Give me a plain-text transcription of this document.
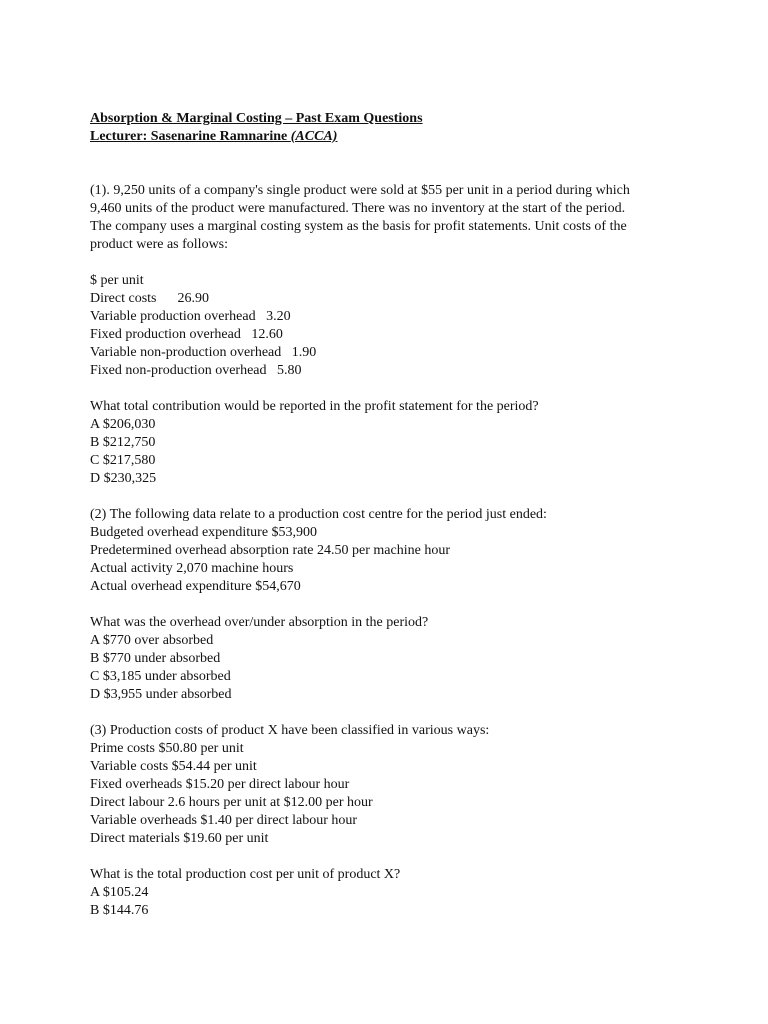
Absorption & Marginal Costing – Past Exam Questions
Lecturer: Sasenarine Ramnarine (ACCA)
(1). 9,250 units of a company's single product were sold at $55 per unit in a period during which
9,460 units of the product were manufactured. There was no inventory at the start of the period.
The company uses a marginal costing system as the basis for profit statements. Unit costs of the
product were as follows:
$ per unit
Direct costs      26.90
Variable production overhead   3.20
Fixed production overhead   12.60
Variable non-production overhead   1.90
Fixed non-production overhead   5.80
What total contribution would be reported in the profit statement for the period?
A $206,030
B $212,750
C $217,580
D $230,325
(2) The following data relate to a production cost centre for the period just ended:
Budgeted overhead expenditure $53,900
Predetermined overhead absorption rate 24.50 per machine hour
Actual activity 2,070 machine hours
Actual overhead expenditure $54,670
What was the overhead over/under absorption in the period?
A $770 over absorbed
B $770 under absorbed
C $3,185 under absorbed
D $3,955 under absorbed
(3) Production costs of product X have been classified in various ways:
Prime costs $50.80 per unit
Variable costs $54.44 per unit
Fixed overheads $15.20 per direct labour hour
Direct labour 2.6 hours per unit at $12.00 per hour
Variable overheads $1.40 per direct labour hour
Direct materials $19.60 per unit
What is the total production cost per unit of product X?
A $105.24
B $144.76
